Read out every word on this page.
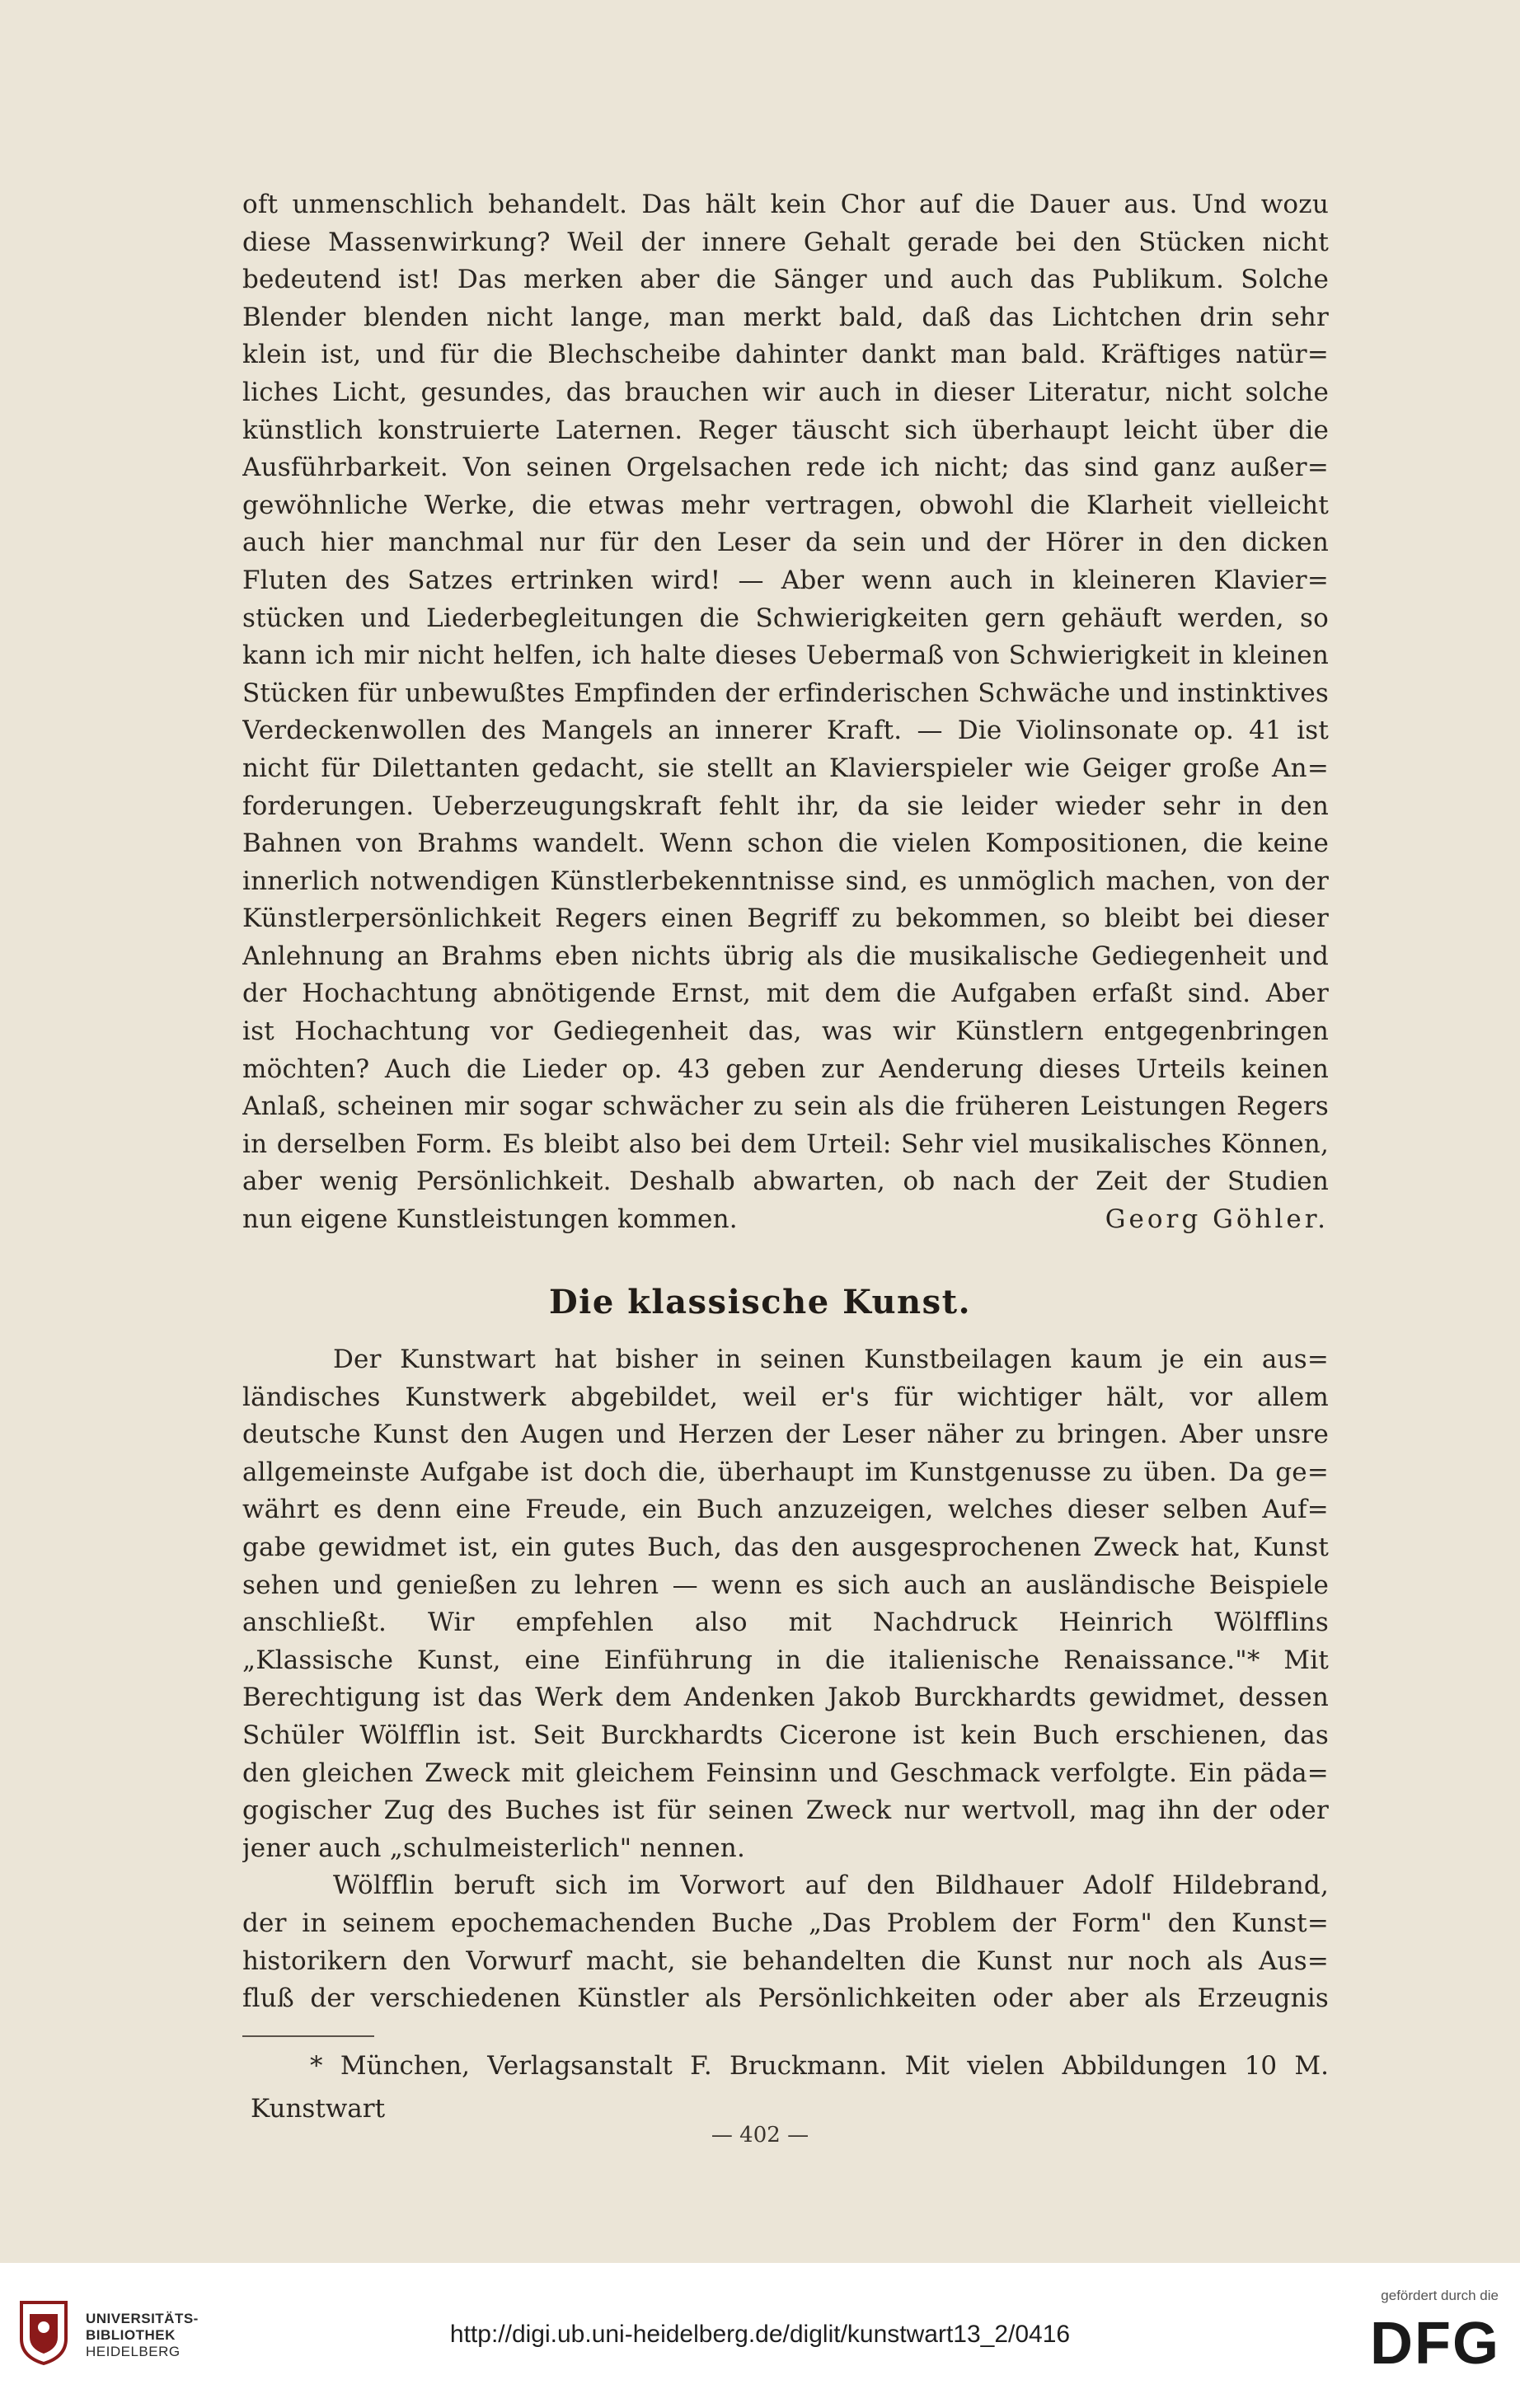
oft unmenschlich behandelt. Das hält kein Chor auf die Dauer aus. Und wozu
diese Massenwirkung? Weil der innere Gehalt gerade bei den Stücken nicht
bedeutend ist! Das merken aber die Sänger und auch das Publikum. Solche
Blender blenden nicht lange, man merkt bald, daß das Lichtchen drin sehr
klein ist, und für die Blechscheibe dahinter dankt man bald. Kräftiges natür=
liches Licht, gesundes, das brauchen wir auch in dieser Literatur, nicht solche
künstlich konstruierte Laternen. Reger täuscht sich überhaupt leicht über die
Ausführbarkeit. Von seinen Orgelsachen rede ich nicht; das sind ganz außer=
gewöhnliche Werke, die etwas mehr vertragen, obwohl die Klarheit vielleicht
auch hier manchmal nur für den Leser da sein und der Hörer in den dicken
Fluten des Satzes ertrinken wird! — Aber wenn auch in kleineren Klavier=
stücken und Liederbegleitungen die Schwierigkeiten gern gehäuft werden, so
kann ich mir nicht helfen, ich halte dieses Uebermaß von Schwierigkeit in kleinen
Stücken für unbewußtes Empfinden der erfinderischen Schwäche und instinktives
Verdeckenwollen des Mangels an innerer Kraft. — Die Violinsonate op. 41 ist
nicht für Dilettanten gedacht, sie stellt an Klavierspieler wie Geiger große An=
forderungen. Ueberzeugungskraft fehlt ihr, da sie leider wieder sehr in den
Bahnen von Brahms wandelt. Wenn schon die vielen Kompositionen, die keine
innerlich notwendigen Künstlerbekenntnisse sind, es unmöglich machen, von der
Künstlerpersönlichkeit Regers einen Begriff zu bekommen, so bleibt bei dieser
Anlehnung an Brahms eben nichts übrig als die musikalische Gediegenheit und
der Hochachtung abnötigende Ernst, mit dem die Aufgaben erfaßt sind. Aber
ist Hochachtung vor Gediegenheit das, was wir Künstlern entgegenbringen
möchten? Auch die Lieder op. 43 geben zur Aenderung dieses Urteils keinen
Anlaß, scheinen mir sogar schwächer zu sein als die früheren Leistungen Regers
in derselben Form. Es bleibt also bei dem Urteil: Sehr viel musikalisches Können,
aber wenig Persönlichkeit. Deshalb abwarten, ob nach der Zeit der Studien
nun eigene Kunstleistungen kommen.	Georg Göhler.
Die klassische Kunst.
Der Kunstwart hat bisher in seinen Kunstbeilagen kaum je ein aus=
ländisches Kunstwerk abgebildet, weil er's für wichtiger hält, vor allem
deutsche Kunst den Augen und Herzen der Leser näher zu bringen. Aber unsre
allgemeinste Aufgabe ist doch die, überhaupt im Kunstgenusse zu üben. Da ge=
währt es denn eine Freude, ein Buch anzuzeigen, welches dieser selben Auf=
gabe gewidmet ist, ein gutes Buch, das den ausgesprochenen Zweck hat, Kunst
sehen und genießen zu lehren — wenn es sich auch an ausländische Beispiele
anschließt. Wir empfehlen also mit Nachdruck Heinrich Wölfflins
„Klassische Kunst, eine Einführung in die italienische Renaissance."* Mit
Berechtigung ist das Werk dem Andenken Jakob Burckhardts gewidmet, dessen
Schüler Wölfflin ist. Seit Burckhardts Cicerone ist kein Buch erschienen, das
den gleichen Zweck mit gleichem Feinsinn und Geschmack verfolgte. Ein päda=
gogischer Zug des Buches ist für seinen Zweck nur wertvoll, mag ihn der oder
jener auch „schulmeisterlich" nennen.
Wölfflin beruft sich im Vorwort auf den Bildhauer Adolf Hildebrand,
der in seinem epochemachenden Buche „Das Problem der Form" den Kunst=
historikern den Vorwurf macht, sie behandelten die Kunst nur noch als Aus=
fluß der verschiedenen Künstler als Persönlichkeiten oder aber als Erzeugnis
* München, Verlagsanstalt F. Bruckmann. Mit vielen Abbildungen 10 M.
Kunstwart
— 402 —
UNIVERSITÄTS-
BIBLIOTHEK
HEIDELBERG
http://digi.ub.uni-heidelberg.de/diglit/kunstwart13_2/0416
gefördert durch die
DFG
